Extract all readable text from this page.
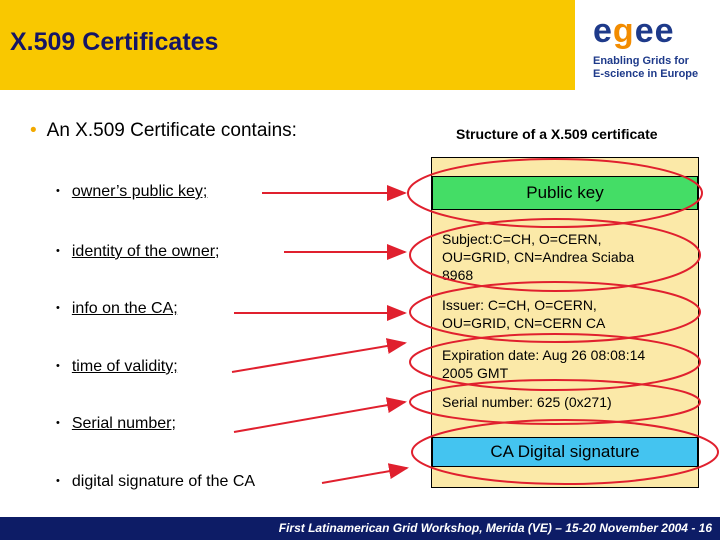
X.509 Certificates	egee
Enabling Grids for
E-science in Europe
• An X.509 Certificate contains:
• owner’s public key;
• identity of the owner;
• info on the CA;
• time of validity;
• Serial number;
• digital signature of the CA
Structure of a X.509 certificate
Public key
Subject:C=CH, O=CERN,
OU=GRID, CN=Andrea Sciaba
8968
Issuer: C=CH, O=CERN,
OU=GRID, CN=CERN CA
Expiration date: Aug 26 08:08:14
2005 GMT
Serial number: 625 (0x271)
CA Digital signature
First Latinamerican Grid Workshop, Merida (VE) – 15-20 November 2004 - 16
